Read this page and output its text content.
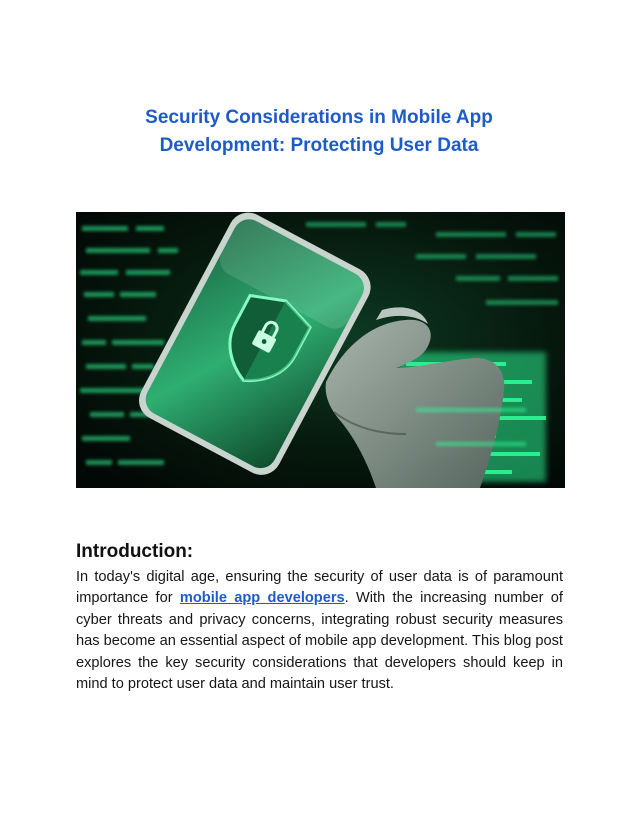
Security Considerations in Mobile App
Development: Protecting User Data
Introduction:

In today's digital age, ensuring the security of user data is of paramount importance for mobile app developers. With the increasing number of cyber threats and privacy concerns, integrating robust security measures has become an essential aspect of mobile app development. This blog post explores the key security considerations that developers should keep in mind to protect user data and maintain user trust.
